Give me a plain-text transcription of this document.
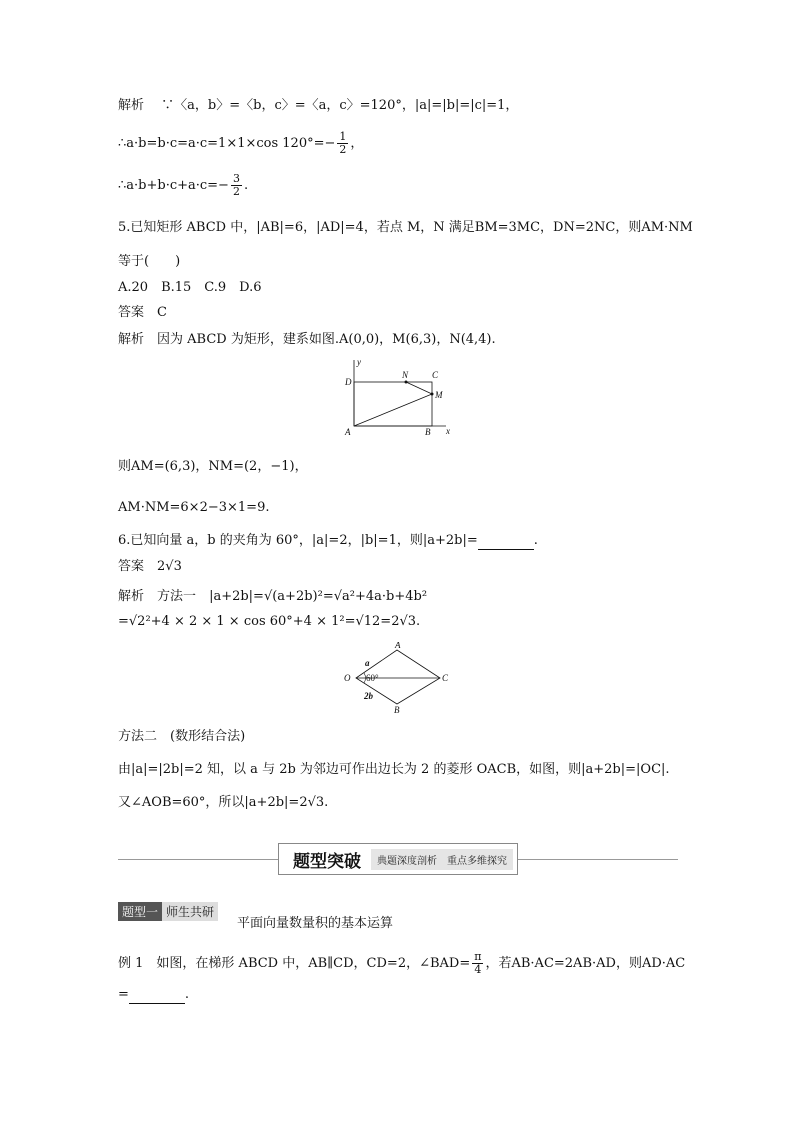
解析　 ∵〈a，b〉=〈b，c〉=〈a，c〉=120°，|a|=|b|=|c|=1，
∴a·b=b·c=a·c=1×1×cos $120^\circ=- \frac{1}{2}$ ，
∴a·b+b·c+a·c=− $\frac{3}{2}$ .
5.已知矩形 ABCD 中，|AB|=6，|AD|=4，若点 M，N 满足BM=3MC，DN=2NC，则AM·NM
等于(　　)
A.20　B.15　C.9　D.6
答案　 C
解析　 因为 ABCD 为矩形，建系如图.A(0,0)，M(6,3)，N(4,4).
y
x
D
N	C
M
A	B
则AM=(6,3)，NM=(2，−1)，
AM·NM=6×2−3×1=9.
6.已知向量 a，b 的夹角为 60°，|a|=2，|b|=1，则|a+2b|=	.
答案　 2√3
解析　 方法一　 |a+2b|=√(a+2b)²=√a²+4a·b+4b²
=√2²+4 × 2 × 1 × cos 60°+4 × 1²=√12=2√3.
O
A
C
B
a
60°
2b
方法二　(数形结合法)
由|a|=|2b|=2 知，以 a 与 2b 为邻边可作出边长为 2 的菱形 OACB，如图，则|a+2b|=|OC|.
又∠AOB=60°，所以|a+2b|=2√3.
题型突破	典题深度剖析　重点多维探究
题型一 师生共研
平面向量数量积的基本运算
例 1　 如图，在梯形 ABCD 中，AB∥CD，CD=2，∠BAD= $\frac{\pi}{4}$ ，若AB·AC=2AB·AD，则AD·AC
=	.
